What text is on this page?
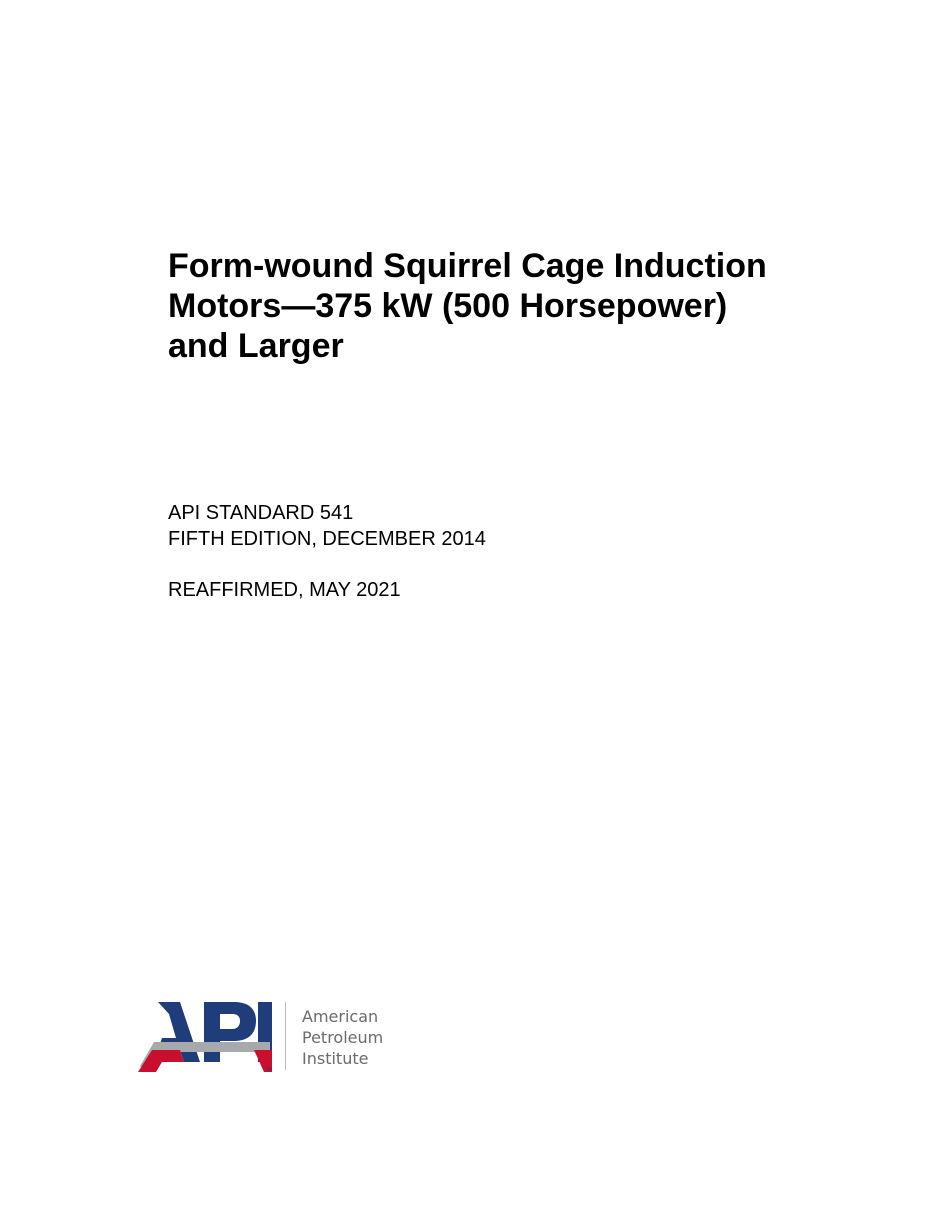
Form-wound Squirrel Cage Induction
Motors—375 kW (500 Horsepower)
and Larger
API STANDARD 541
FIFTH EDITION, DECEMBER 2014
REAFFIRMED, MAY 2021
TM
American
Petroleum
Institute
